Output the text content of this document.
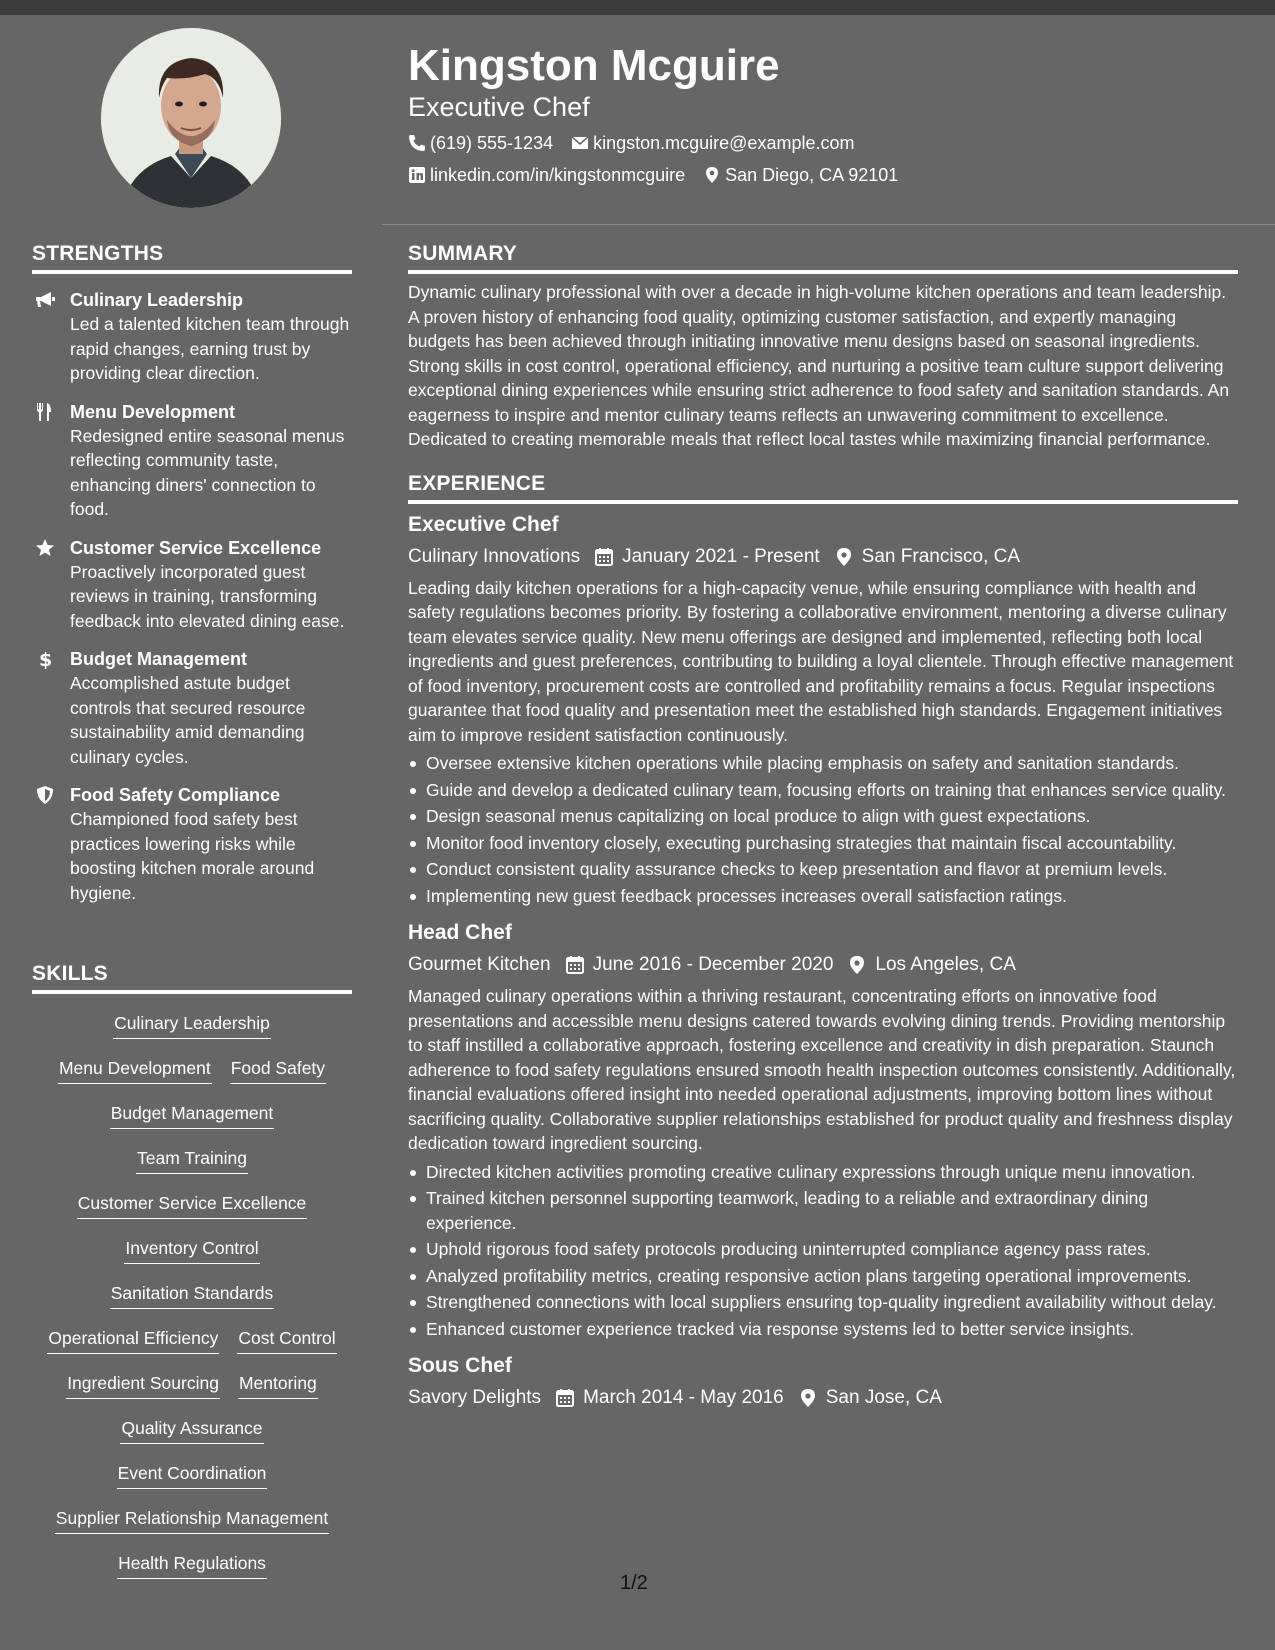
STRENGTHS
Culinary Leadership
Led a talented kitchen team through rapid changes, earning trust by providing clear direction.
Menu Development
Redesigned entire seasonal menus reflecting community taste, enhancing diners' connection to food.
Customer Service Excellence
Proactively incorporated guest reviews in training, transforming feedback into elevated dining ease.
$ Budget Management
Accomplished astute budget controls that secured resource sustainability amid demanding culinary cycles.
Food Safety Compliance
Championed food safety best practices lowering risks while boosting kitchen morale around hygiene.
SKILLS
Culinary Leadership
Menu Development Food Safety
Budget Management
Team Training
Customer Service Excellence
Inventory Control
Sanitation Standards
Operational Efficiency Cost Control
Ingredient Sourcing Mentoring
Quality Assurance
Event Coordination
Supplier Relationship Management
Health Regulations
Kingston Mcguire
Executive Chef
(619) 555-1234 kingston.mcguire@example.com
linkedin.com/in/kingstonmcguire San Diego, CA 92101
SUMMARY

Dynamic culinary professional with over a decade in high-volume kitchen operations and team leadership. A proven history of enhancing food quality, optimizing customer satisfaction, and expertly managing budgets has been achieved through initiating innovative menu designs based on seasonal ingredients. Strong skills in cost control, operational efficiency, and nurturing a positive team culture support delivering exceptional dining experiences while ensuring strict adherence to food safety and sanitation standards. An eagerness to inspire and mentor culinary teams reflects an unwavering commitment to excellence. Dedicated to creating memorable meals that reflect local tastes while maximizing financial performance.

EXPERIENCE
Executive Chef
Culinary Innovations January 2021 - Present San Francisco, CA

Leading daily kitchen operations for a high-capacity venue, while ensuring compliance with health and safety regulations becomes priority. By fostering a collaborative environment, mentoring a diverse culinary team elevates service quality. New menu offerings are designed and implemented, reflecting both local ingredients and guest preferences, contributing to building a loyal clientele. Through effective management of food inventory, procurement costs are controlled and profitability remains a focus. Regular inspections guarantee that food quality and presentation meet the established high standards. Engagement initiatives aim to improve resident satisfaction continuously.

Oversee extensive kitchen operations while placing emphasis on safety and sanitation standards.
Guide and develop a dedicated culinary team, focusing efforts on training that enhances service quality.
Design seasonal menus capitalizing on local produce to align with guest expectations.
Monitor food inventory closely, executing purchasing strategies that maintain fiscal accountability.
Conduct consistent quality assurance checks to keep presentation and flavor at premium levels.
Implementing new guest feedback processes increases overall satisfaction ratings.
Head Chef
Gourmet Kitchen June 2016 - December 2020 Los Angeles, CA

Managed culinary operations within a thriving restaurant, concentrating efforts on innovative food presentations and accessible menu designs catered towards evolving dining trends. Providing mentorship to staff instilled a collaborative approach, fostering excellence and creativity in dish preparation. Staunch adherence to food safety regulations ensured smooth health inspection outcomes consistently. Additionally, financial evaluations offered insight into needed operational adjustments, improving bottom lines without sacrificing quality. Collaborative supplier relationships established for product quality and freshness display dedication toward ingredient sourcing.

Directed kitchen activities promoting creative culinary expressions through unique menu innovation.
Trained kitchen personnel supporting teamwork, leading to a reliable and extraordinary dining experience.
Uphold rigorous food safety protocols producing uninterrupted compliance agency pass rates.
Analyzed profitability metrics, creating responsive action plans targeting operational improvements.
Strengthened connections with local suppliers ensuring top-quality ingredient availability without delay.
Enhanced customer experience tracked via response systems led to better service insights.
Sous Chef
Savory Delights March 2014 - May 2016 San Jose, CA
1/2
